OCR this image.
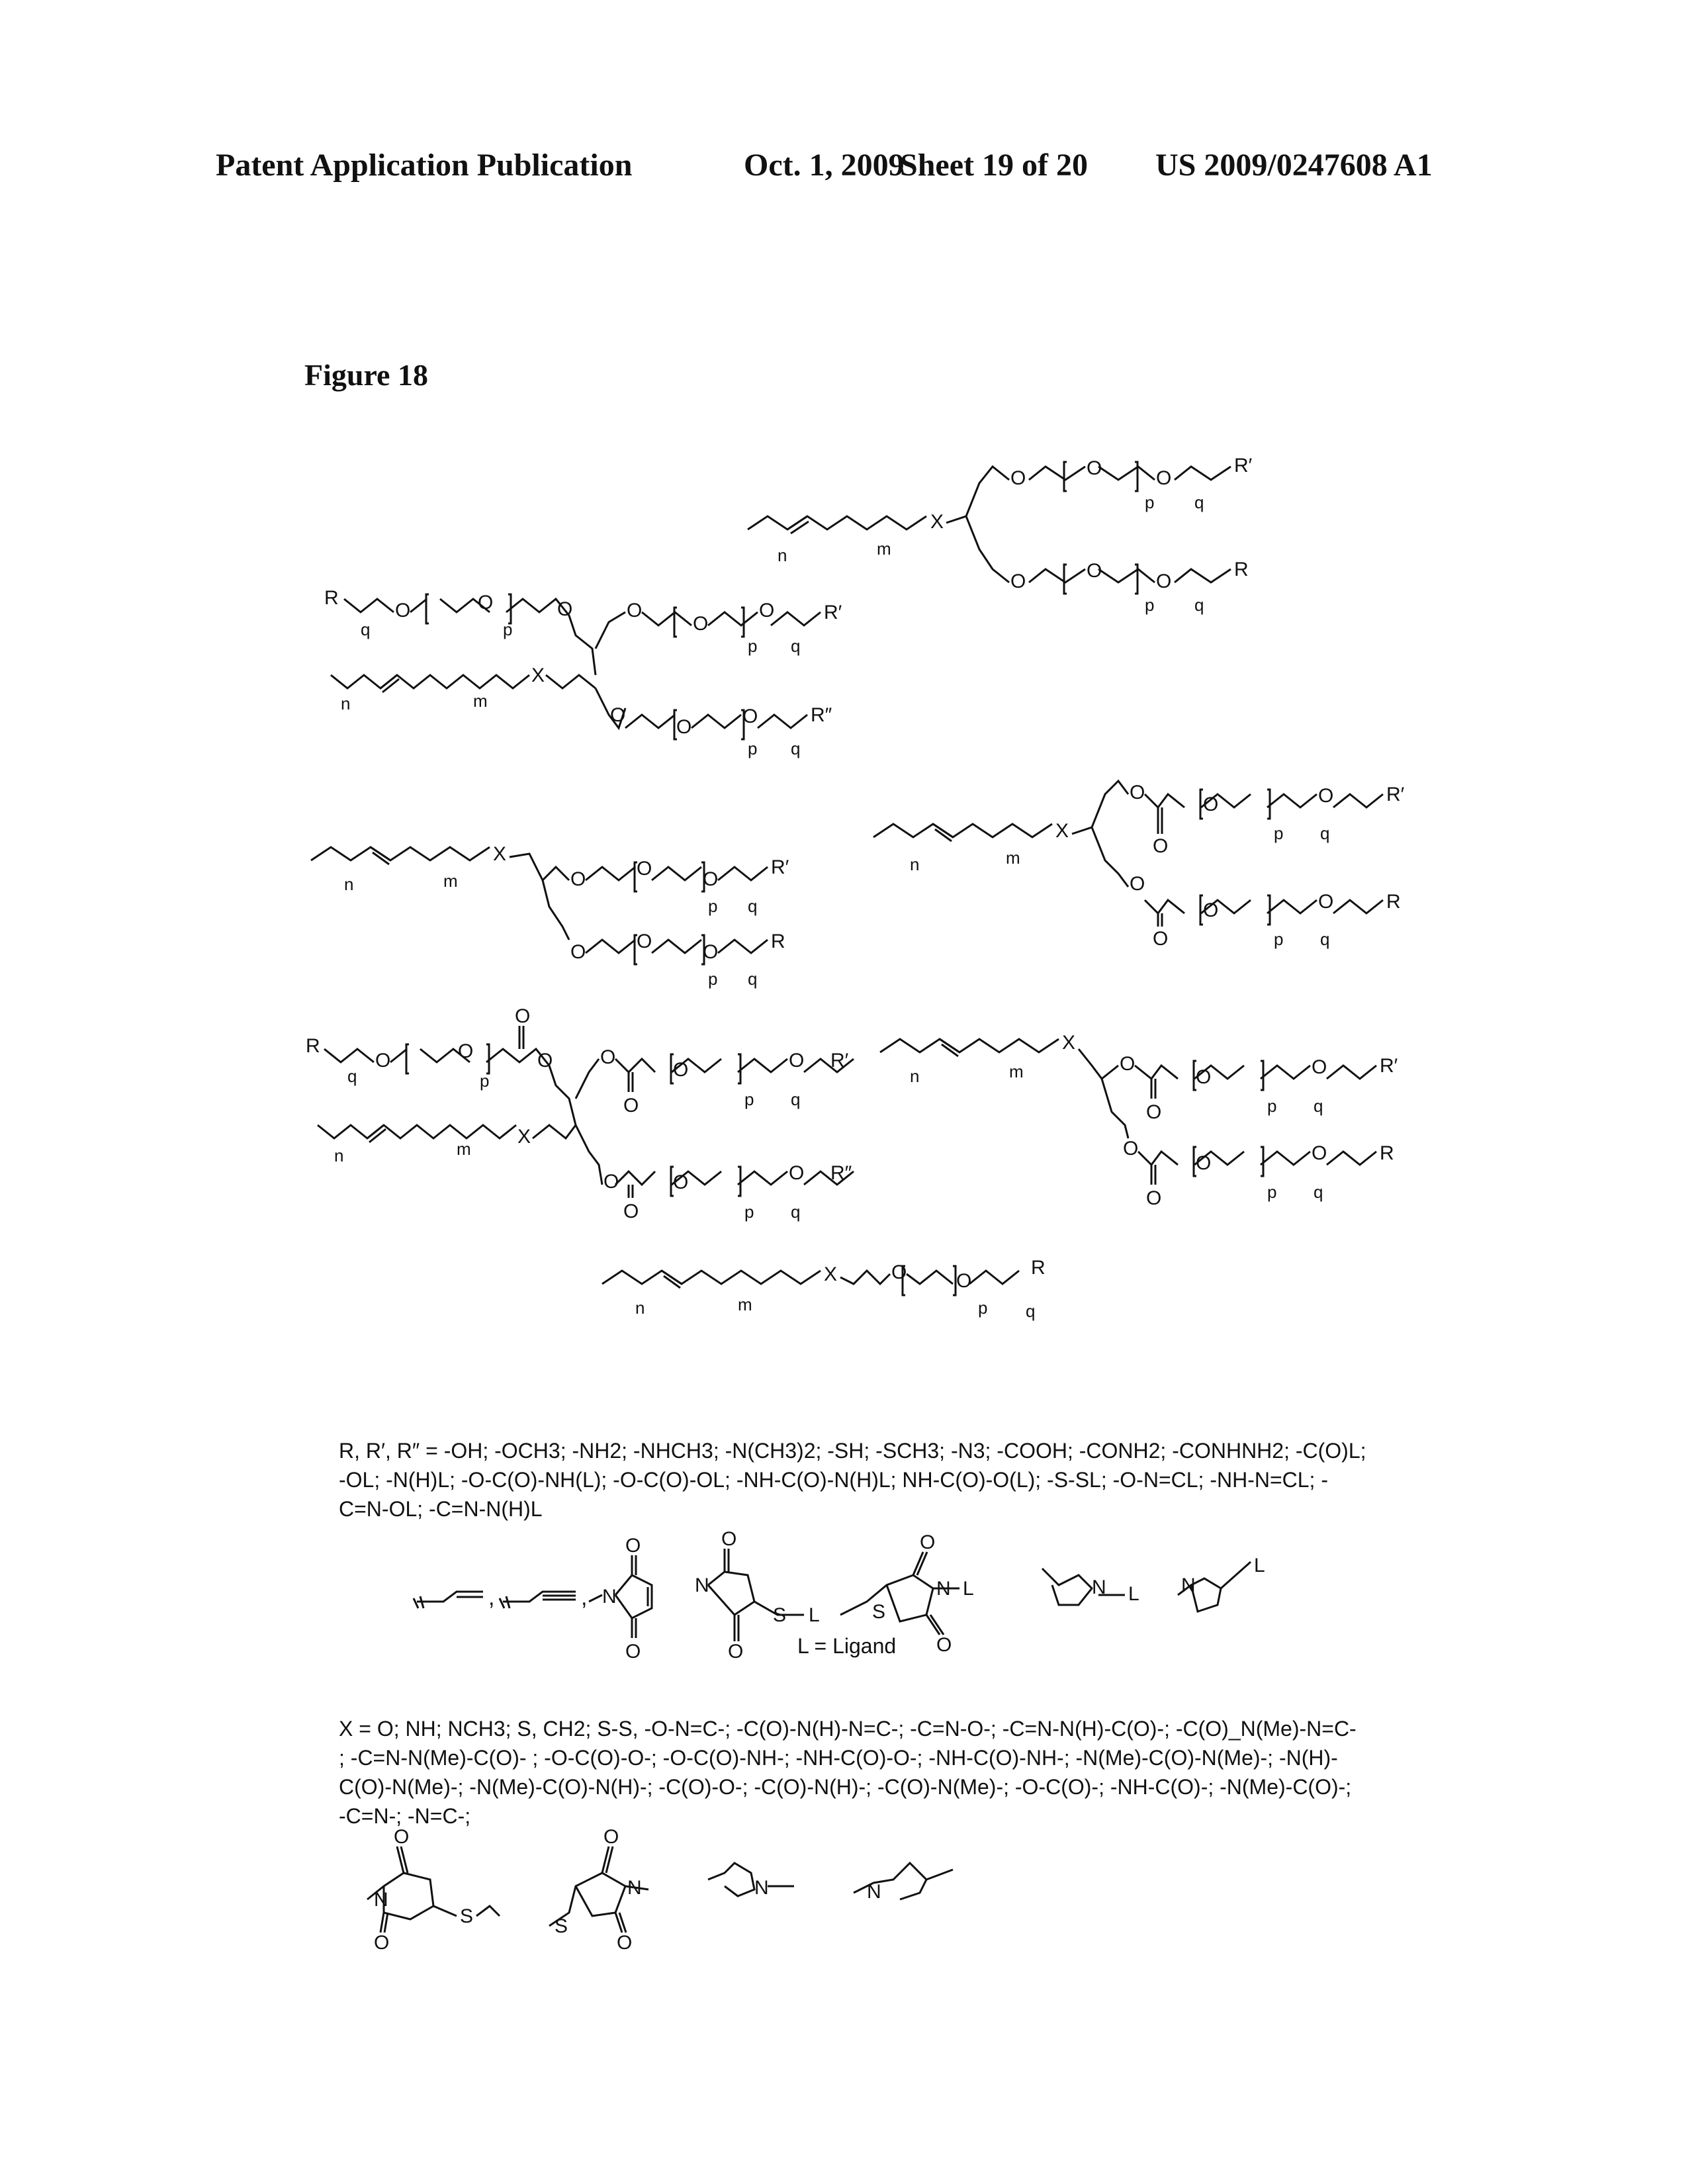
Patent Application Publication	Oct. 1, 2009
Sheet 19 of 20 US 2009/0247608 A1
Figure 18
X
O	O	O
R′
O	O	O
R
R
O	O	O	O
O
O R′
X
O
O	O	R″
X
O	O	O
R′
O	O	O	R
X
O
O
O	O	R′
O
O
O	O	R
R
O	O
O
O O
O
O	O R′
X
O
O
O	O R″
X
O
O
O	O	R′
O
O
O	O	R
X	O O
R
N
O
O
N
O
O
S L	S
O
O
N L	N L N
L
N
O
O
S	S
O
O
N	N	N
n	m
p q
p q
q	p
p q
n	m
p q
n	m
p q
p q
n	m
p q
p q
q	p
p q
n	m
p q
n	m
p q
p q
n	m	p q
,	,

R, R′, R″ = -OH; -OCH3; -NH2; -NHCH3; -N(CH3)2; -SH; -SCH3; -N3; -COOH; -CONH2; -CONHNH2; -C(O)L;

-OL; -N(H)L; -O-C(O)-NH(L); -O-C(O)-OL; -NH-C(O)-N(H)L; NH-C(O)-O(L); -S-SL; -O-N=CL; -NH-N=CL; -

C=N-OL; -C=N-N(H)L

L = Ligand

X = O; NH; NCH3; S, CH2; S-S, -O-N=C-; -C(O)-N(H)-N=C-; -C=N-O-; -C=N-N(H)-C(O)-; -C(O)_N(Me)-N=C-

; -C=N-N(Me)-C(O)- ; -O-C(O)-O-; -O-C(O)-NH-; -NH-C(O)-O-; -NH-C(O)-NH-; -N(Me)-C(O)-N(Me)-; -N(H)-

C(O)-N(Me)-; -N(Me)-C(O)-N(H)-; -C(O)-O-; -C(O)-N(H)-; -C(O)-N(Me)-; -O-C(O)-; -NH-C(O)-; -N(Me)-C(O)-;

-C=N-; -N=C-;
